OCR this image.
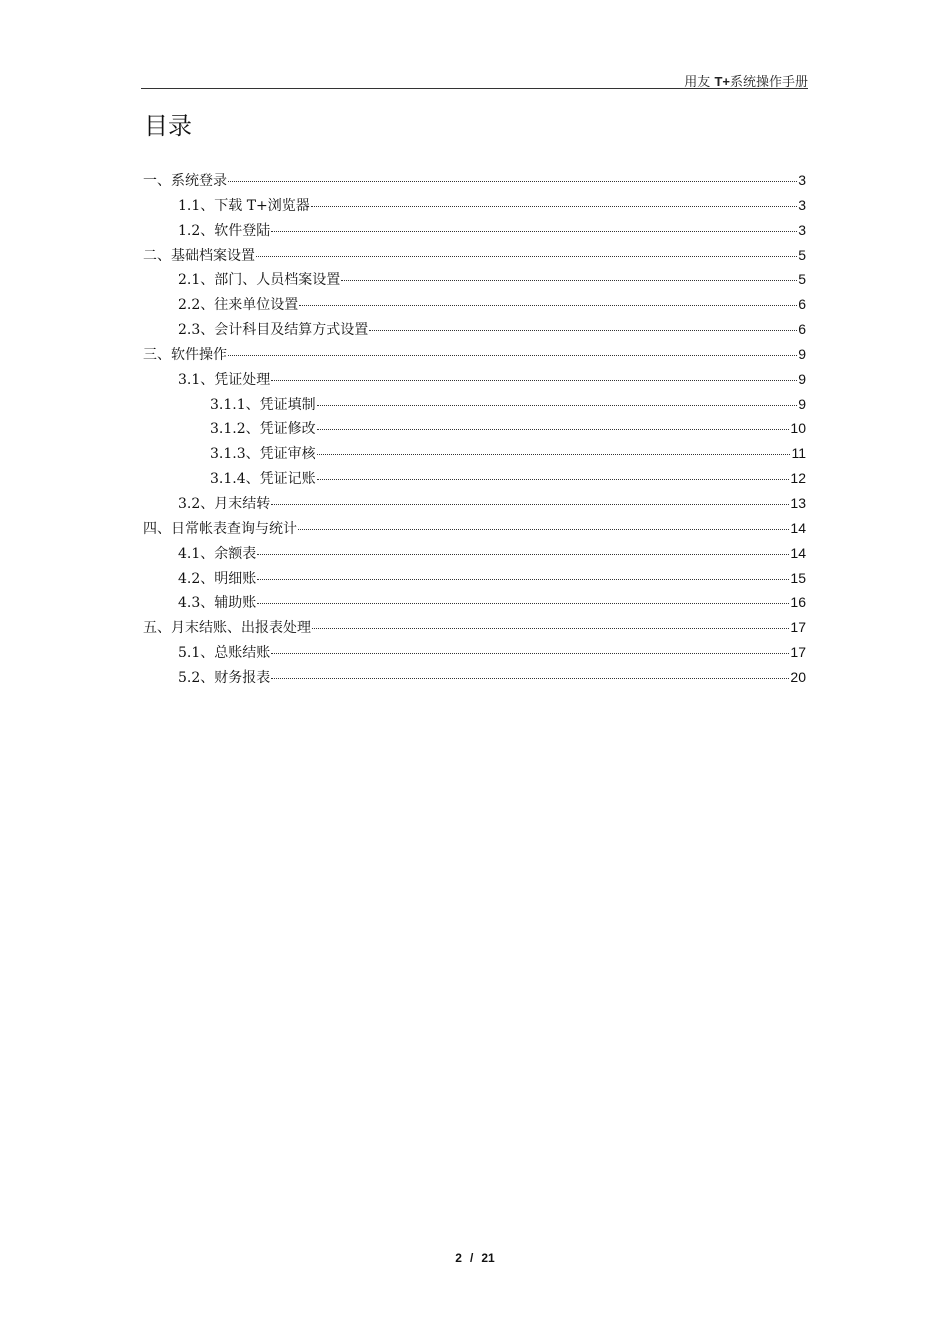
用友 T+系统操作手册
目录
一、系统登录	3
1.1、下载 T+浏览器	3
1.2、软件登陆	3
二、基础档案设置	5
2.1、部门、人员档案设置	5
2.2、往来单位设置	6
2.3、会计科目及结算方式设置	6
三、软件操作	9
3.1、凭证处理	9
3.1.1、凭证填制	9
3.1.2、凭证修改	10
3.1.3、凭证审核	11
3.1.4、凭证记账	12
3.2、月末结转	13
四、日常帐表查询与统计	14
4.1、余额表	14
4.2、明细账	15
4.3、辅助账	16
五、月末结账、出报表处理	17
5.1、总账结账	17
5.2、财务报表	20
2 / 21
